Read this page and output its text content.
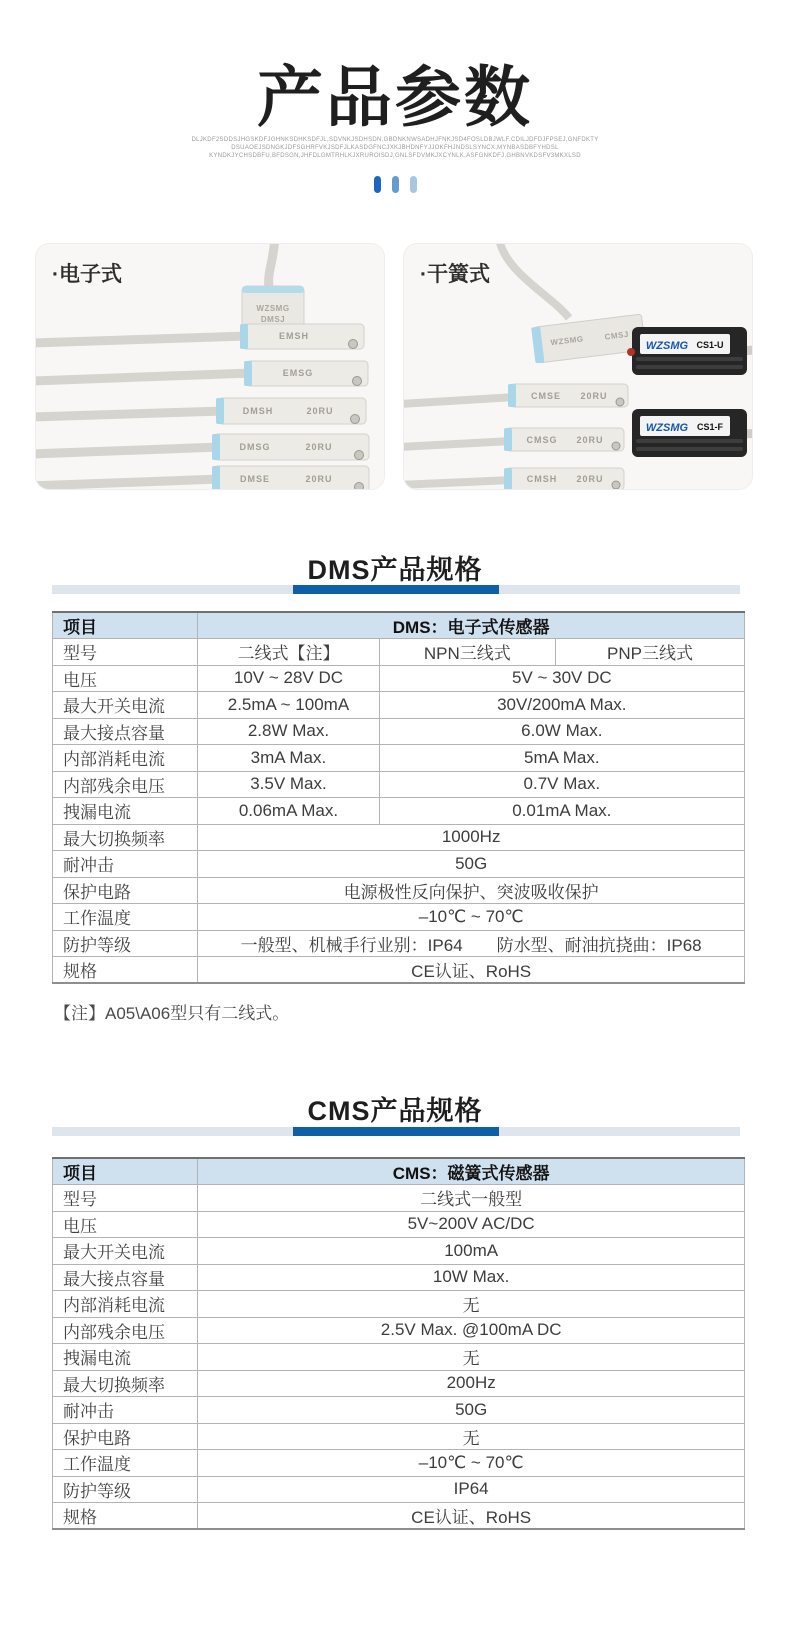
产品参数
DLJKDF2SDDSJHGSKDFJGHNKSDHKSDFJL,SDVNKJSDHSDN,GBDNKNWSADHJFNKJSD4FOSLDBJWLF.CDILJDFDJFPSEJ,GNFDKTY
DSUAOEJSDNGKJDFSGHRFVKJSDFJLKASDGFNCJXKJBHDNFYJJOKFHJNDSLSYNCX,MYNBASDBFYHDSL
KYNDKJYCHSDBFU,BFDSGN,JHFDLGMTRHLKJXRUROISDJ,GNLSFDVMKJXCYNLK,ASFGNKDFJ,GHBNVKDSFV3MKXLSD
·电子式
WZSMG
DMSJ
EMSH
EMSG
DMSH	20RU
DMSG	20RU
DMSE	20RU
·干簧式
WZSMG	CMSJ
CMSE 20RU
CMSG 20RU
CMSH 20RU
WZSMG CS1-U
WZSMG CS1-F
DMS产品规格
项目	DMS：电子式传感器		
型号	二线式【注】	NPN三线式	PNP三线式
电压	10V ~ 28V DC	5V ~ 30V DC	
最大开关电流	2.5mA ~ 100mA	30V/200mA Max.	
最大接点容量	2.8W Max.	6.0W Max.	
内部消耗电流	3mA Max.	5mA Max.	
内部残余电压	3.5V Max.	0.7V Max.	
拽漏电流	0.06mA Max.	0.01mA Max.	
最大切换频率	1000Hz		
耐冲击	50G		
保护电路	电源极性反向保护、突波吸收保护		
工作温度	–10℃ ~ 70℃		
防护等级	一般型、机械手行业别：IP64　　防水型、耐油抗挠曲：IP68		
规格	CE认证、RoHS		
【注】A05\A06型只有二线式。
CMS产品规格
项目	CMS：磁簧式传感器
型号	二线式一般型
电压	5V~200V AC/DC
最大开关电流	100mA
最大接点容量	10W Max.
内部消耗电流	无
内部残余电压	2.5V Max. @100mA DC
拽漏电流	无
最大切换频率	200Hz
耐冲击	50G
保护电路	无
工作温度	–10℃ ~ 70℃
防护等级	IP64
规格	CE认证、RoHS
